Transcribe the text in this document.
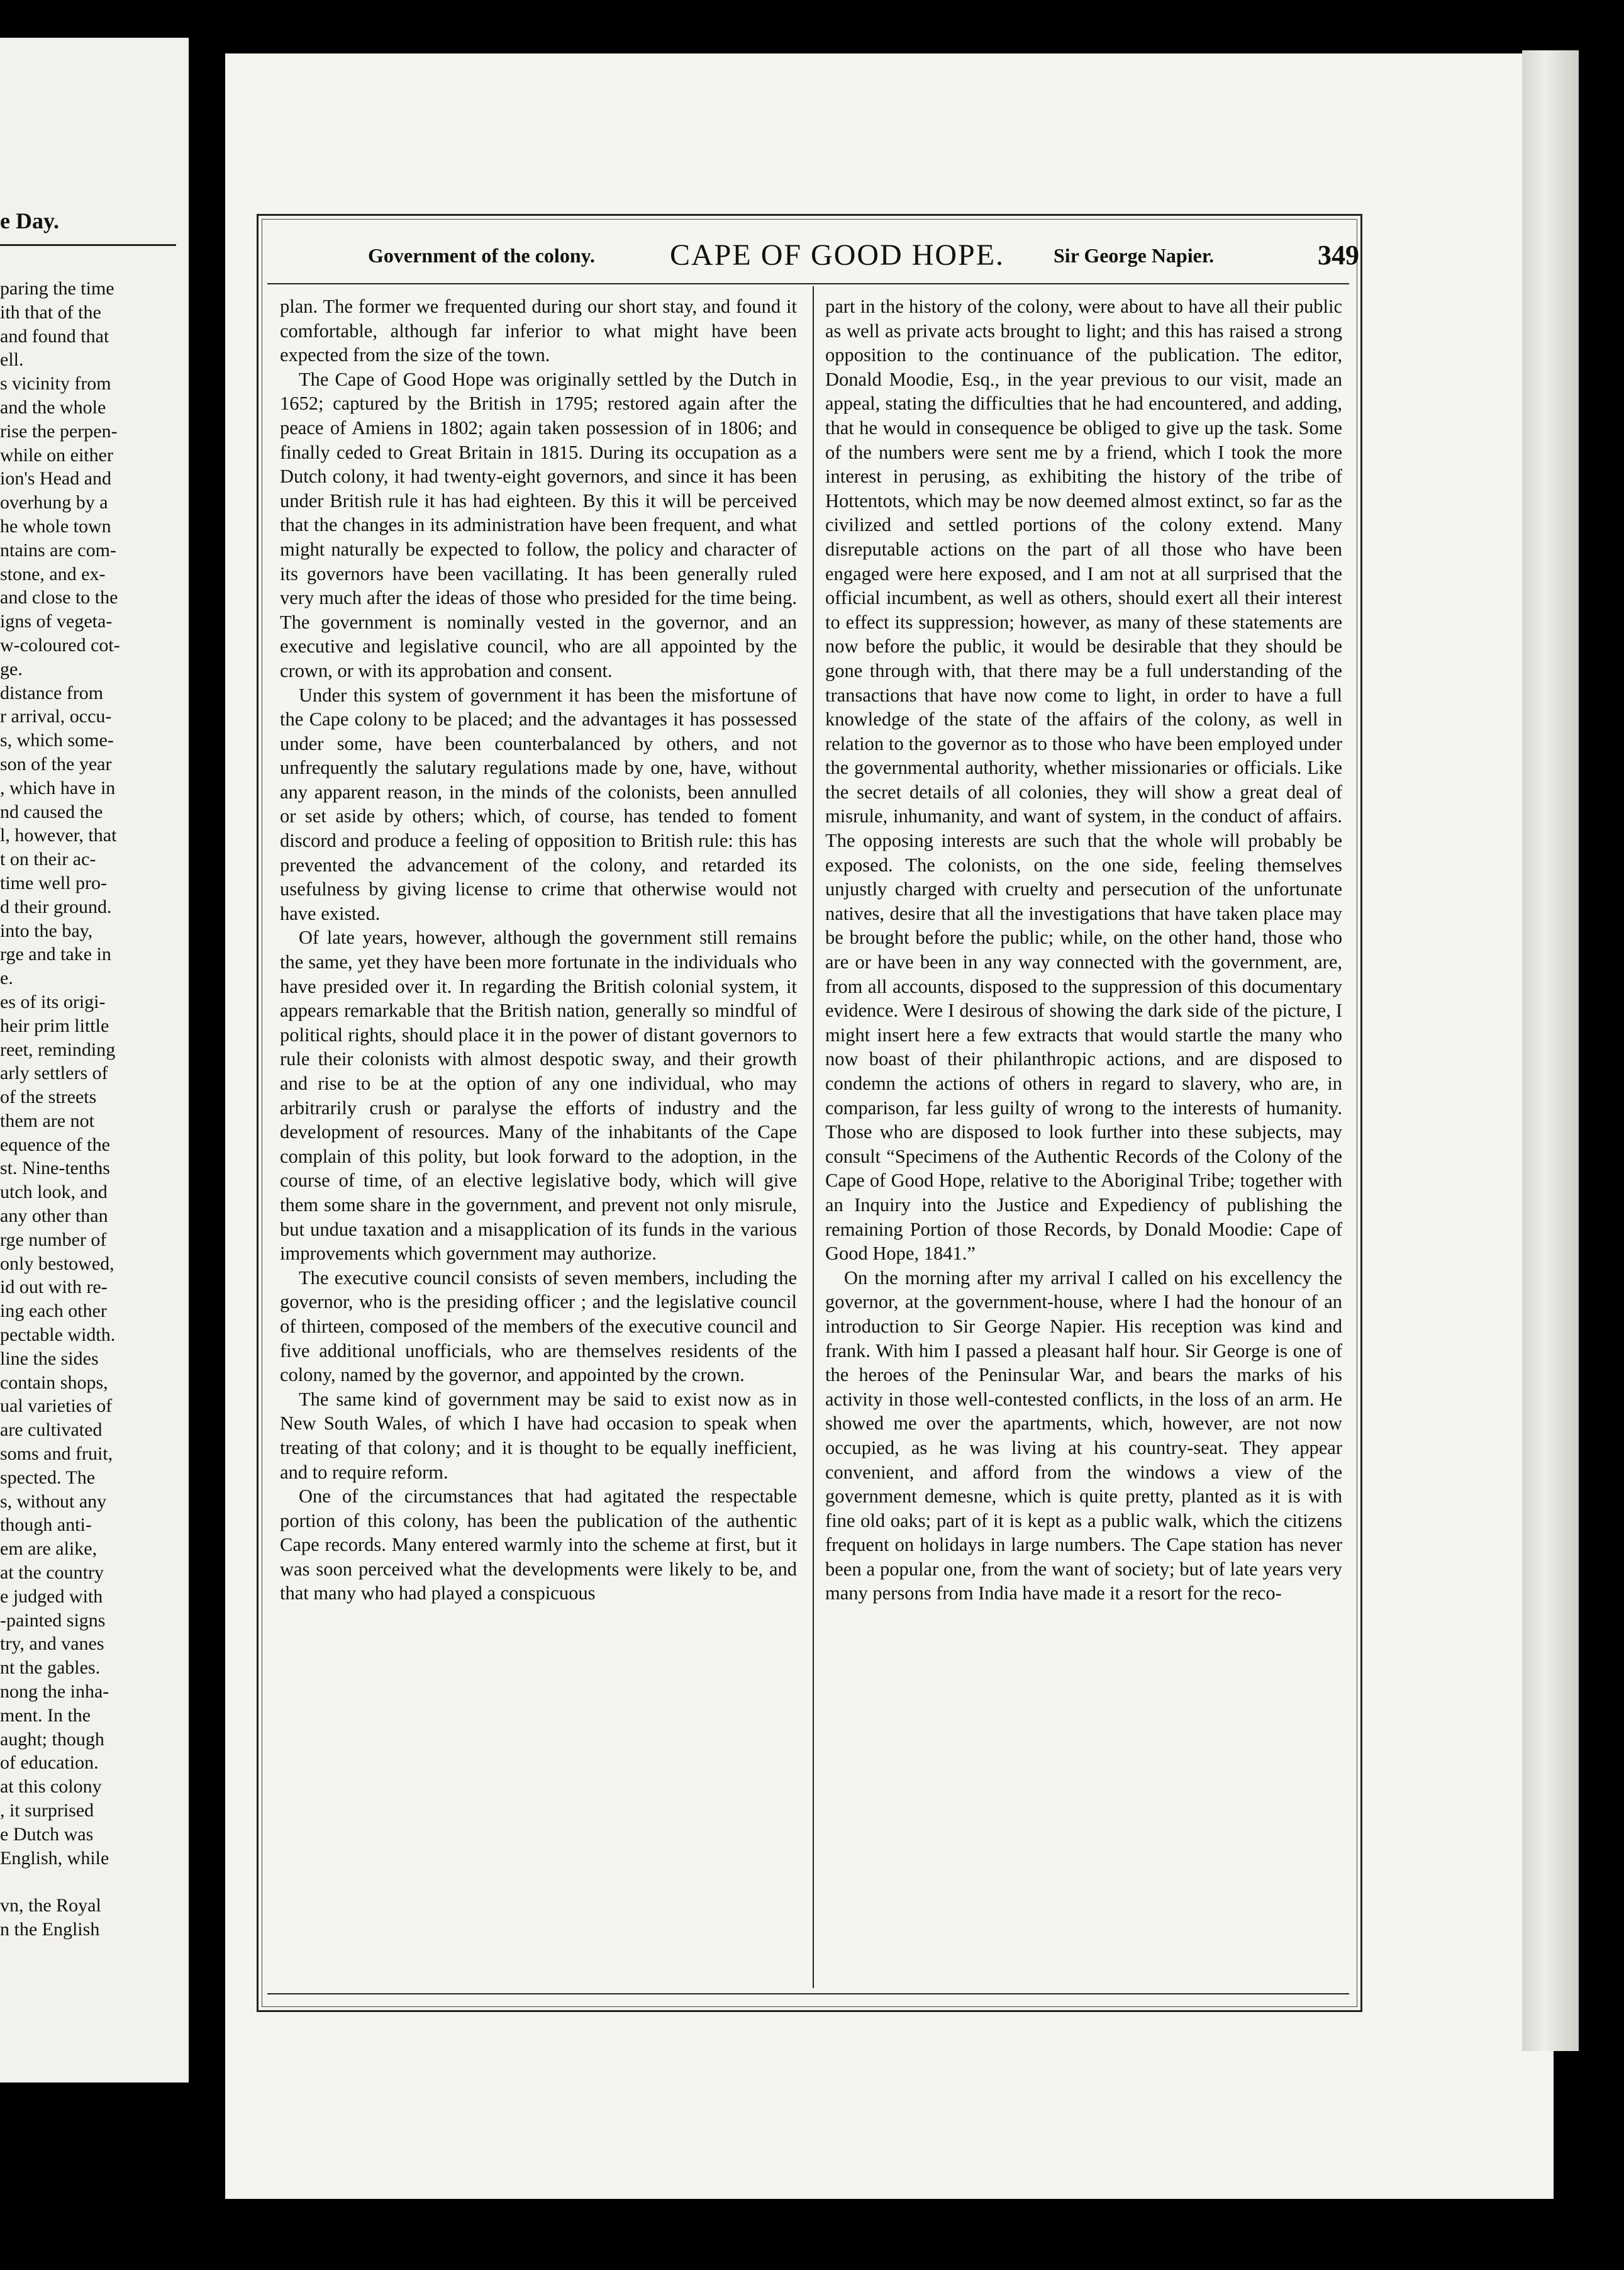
e Day.
paring the time
ith that of the
and found that
ell.
s vicinity from
and the whole
rise the perpen-
while on either
ion's Head and
overhung by a
he whole town
ntains are com-
stone, and ex-
and close to the
igns of vegeta-
w-coloured cot-
ge.
distance from
r arrival, occu-
s, which some-
son of the year
, which have in
nd caused the
l, however, that
t on their ac-
time well pro-
d their ground.
into the bay,
rge and take in
e.
es of its origi-
heir prim little
reet, reminding
arly settlers of
of the streets
them are not
equence of the
st. Nine-tenths
utch look, and
any other than
rge number of
only bestowed,
id out with re-
ing each other
pectable width.
line the sides
contain shops,
ual varieties of
are cultivated
soms and fruit,
spected. The
s, without any
though anti-
em are alike,
at the country
e judged with
-painted signs
try, and vanes
nt the gables.
nong the inha-
ment. In the
aught; though
of education.
at this colony
, it surprised
e Dutch was
English, while

vn, the Royal
n the English
Government of the colony. CAPE OF GOOD HOPE. Sir George Napier.	349

plan. The former we frequented during our short stay, and found it comfortable, although far inferior to what might have been expected from the size of the town.

The Cape of Good Hope was originally settled by the Dutch in 1652; captured by the British in 1795; restored again after the peace of Amiens in 1802; again taken possession of in 1806; and finally ceded to Great Britain in 1815. During its occupation as a Dutch colony, it had twenty-eight governors, and since it has been under British rule it has had eighteen. By this it will be perceived that the changes in its administration have been frequent, and what might naturally be expected to follow, the policy and character of its governors have been vacillating. It has been generally ruled very much after the ideas of those who presided for the time being. The government is nominally vested in the governor, and an executive and legislative council, who are all appointed by the crown, or with its approbation and consent.

Under this system of government it has been the misfortune of the Cape colony to be placed; and the advantages it has possessed under some, have been counterbalanced by others, and not unfrequently the salutary regulations made by one, have, without any apparent reason, in the minds of the colonists, been annulled or set aside by others; which, of course, has tended to foment discord and produce a feeling of opposition to British rule: this has prevented the advancement of the colony, and retarded its usefulness by giving license to crime that otherwise would not have existed.

Of late years, however, although the government still remains the same, yet they have been more fortunate in the individuals who have presided over it. In regarding the British colonial system, it appears remarkable that the British nation, generally so mindful of political rights, should place it in the power of distant governors to rule their colonists with almost despotic sway, and their growth and rise to be at the option of any one individual, who may arbitrarily crush or paralyse the efforts of industry and the development of resources. Many of the inhabitants of the Cape complain of this polity, but look forward to the adoption, in the course of time, of an elective legislative body, which will give them some share in the government, and prevent not only misrule, but undue taxation and a misapplication of its funds in the various improvements which government may authorize.

The executive council consists of seven members, including the governor, who is the presiding officer ; and the legislative council of thirteen, composed of the members of the executive council and five additional unofficials, who are themselves residents of the colony, named by the governor, and appointed by the crown.

The same kind of government may be said to exist now as in New South Wales, of which I have had occasion to speak when treating of that colony; and it is thought to be equally inefficient, and to require reform.

One of the circumstances that had agitated the respectable portion of this colony, has been the publication of the authentic Cape records. Many entered warmly into the scheme at first, but it was soon perceived what the developments were likely to be, and that many who had played a conspicuous

part in the history of the colony, were about to have all their public as well as private acts brought to light; and this has raised a strong opposition to the continuance of the publication. The editor, Donald Moodie, Esq., in the year previous to our visit, made an appeal, stating the difficulties that he had encountered, and adding, that he would in consequence be obliged to give up the task. Some of the numbers were sent me by a friend, which I took the more interest in perusing, as exhibiting the history of the tribe of Hottentots, which may be now deemed almost extinct, so far as the civilized and settled portions of the colony extend. Many disreputable actions on the part of all those who have been engaged were here exposed, and I am not at all surprised that the official incumbent, as well as others, should exert all their interest to effect its suppression; however, as many of these statements are now before the public, it would be desirable that they should be gone through with, that there may be a full understanding of the transactions that have now come to light, in order to have a full knowledge of the state of the affairs of the colony, as well in relation to the governor as to those who have been employed under the governmental authority, whether missionaries or officials. Like the secret details of all colonies, they will show a great deal of misrule, inhumanity, and want of system, in the conduct of affairs. The opposing interests are such that the whole will probably be exposed. The colonists, on the one side, feeling themselves unjustly charged with cruelty and persecution of the unfortunate natives, desire that all the investigations that have taken place may be brought before the public; while, on the other hand, those who are or have been in any way connected with the government, are, from all accounts, disposed to the suppression of this documentary evidence. Were I desirous of showing the dark side of the picture, I might insert here a few extracts that would startle the many who now boast of their philanthropic actions, and are disposed to condemn the actions of others in regard to slavery, who are, in comparison, far less guilty of wrong to the interests of humanity. Those who are disposed to look further into these subjects, may consult “Specimens of the Authentic Records of the Colony of the Cape of Good Hope, relative to the Aboriginal Tribe; together with an Inquiry into the Justice and Expediency of publishing the remaining Portion of those Records, by Donald Moodie: Cape of Good Hope, 1841.”

On the morning after my arrival I called on his excellency the governor, at the government-house, where I had the honour of an introduction to Sir George Napier. His reception was kind and frank. With him I passed a pleasant half hour. Sir George is one of the heroes of the Peninsular War, and bears the marks of his activity in those well-contested conflicts, in the loss of an arm. He showed me over the apartments, which, however, are not now occupied, as he was living at his country-seat. They appear convenient, and afford from the windows a view of the government demesne, which is quite pretty, planted as it is with fine old oaks; part of it is kept as a public walk, which the citizens frequent on holidays in large numbers. The Cape station has never been a popular one, from the want of society; but of late years very many persons from India have made it a resort for the reco-
